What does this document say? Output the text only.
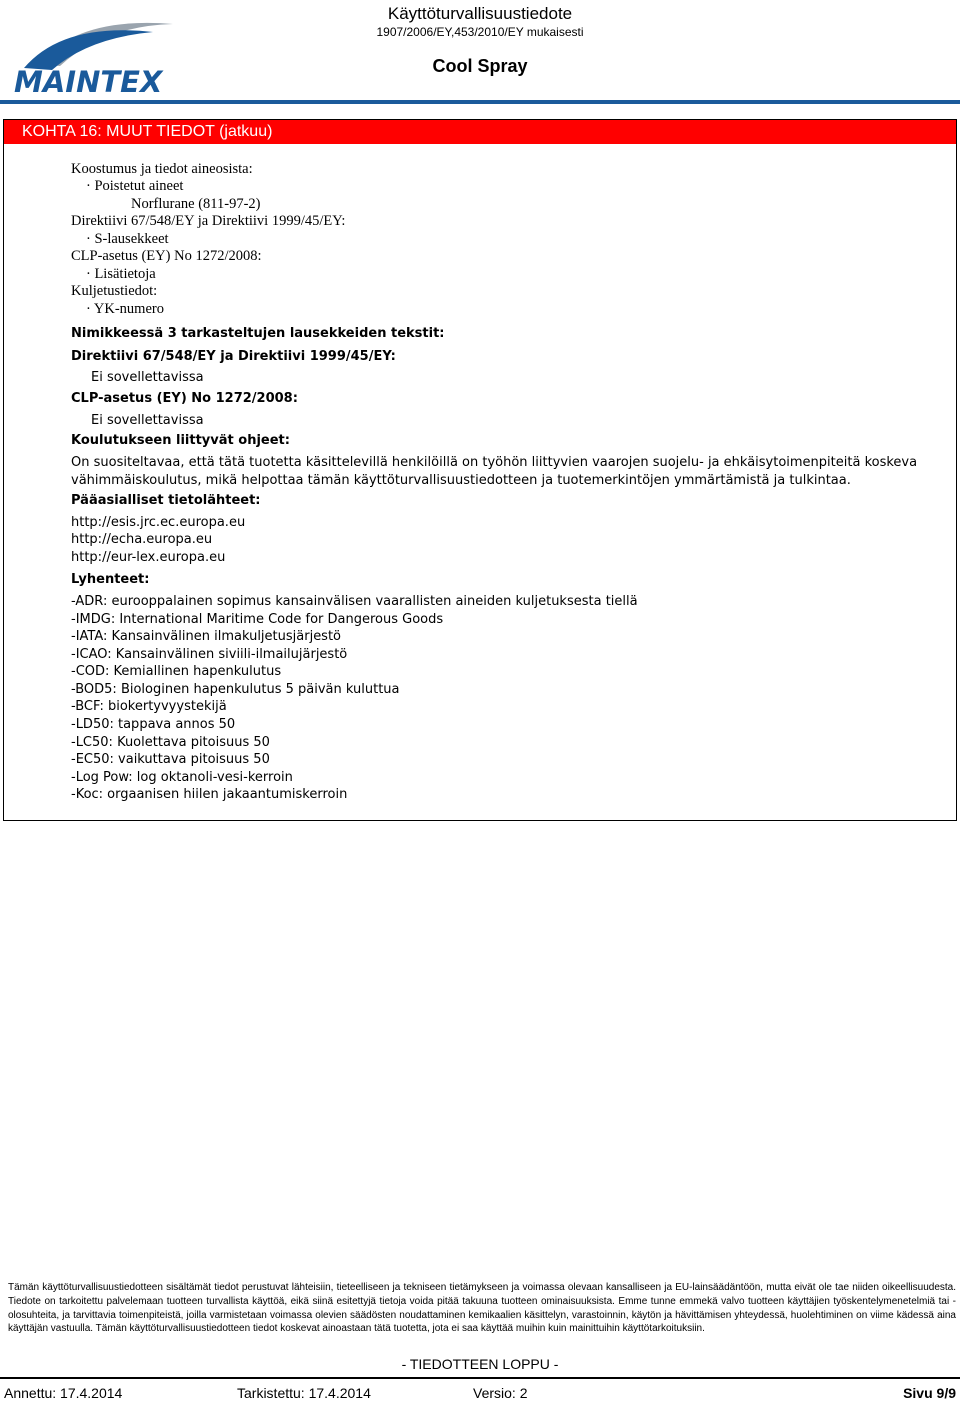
MAINTEX
Käyttöturvallisuustiedote
1907/2006/EY,453/2010/EY mukaisesti
Cool Spray
KOHTA 16: MUUT TIEDOT (jatkuu)
Koostumus ja tiedot aineosista:
· Poistetut aineet
Norflurane (811-97-2)
Direktiivi 67/548/EY ja Direktiivi 1999/45/EY:
· S-lausekkeet
CLP-asetus (EY) No 1272/2008:
· Lisätietoja
Kuljetustiedot:
· YK-numero
Nimikkeessä 3 tarkasteltujen lausekkeiden tekstit:
Direktiivi 67/548/EY ja Direktiivi 1999/45/EY:
Ei sovellettavissa
CLP-asetus (EY) No 1272/2008:
Ei sovellettavissa
Koulutukseen liittyvät ohjeet:
On suositeltavaa, että tätä tuotetta käsittelevillä henkilöillä on työhön liittyvien vaarojen suojelu- ja ehkäisytoimenpiteitä koskeva
vähimmäiskoulutus, mikä helpottaa tämän käyttöturvallisuustiedotteen ja tuotemerkintöjen ymmärtämistä ja tulkintaa.
Pääasialliset tietolähteet:
http://esis.jrc.ec.europa.eu
http://echa.europa.eu
http://eur-lex.europa.eu
Lyhenteet:
-ADR: eurooppalainen sopimus kansainvälisen vaarallisten aineiden kuljetuksesta tiellä
-IMDG: International Maritime Code for Dangerous Goods
-IATA: Kansainvälinen ilmakuljetusjärjestö
-ICAO: Kansainvälinen siviili-ilmailujärjestö
-COD: Kemiallinen hapenkulutus
-BOD5: Biologinen hapenkulutus 5 päivän kuluttua
-BCF: biokertyvyystekijä
-LD50: tappava annos 50
-LC50: Kuolettava pitoisuus 50
-EC50: vaikuttava pitoisuus 50
-Log Pow: log oktanoli-vesi-kerroin
-Koc: orgaanisen hiilen jakaantumiskerroin
Tämän käyttöturvallisuustiedotteen sisältämät tiedot perustuvat lähteisiin, tieteelliseen ja tekniseen tietämykseen ja voimassa olevaan kansalliseen ja EU-lainsäädäntöön, mutta eivät ole tae niiden oikeellisuudesta. Tiedote on tarkoitettu palvelemaan tuotteen turvallista käyttöä, eikä siinä esitettyjä tietoja voida pitää takuuna tuotteen ominaisuuksista. Emme tunne emmekä valvo tuotteen käyttäjien työskentelymenetelmiä tai -olosuhteita, ja tarvittavia toimenpiteistä, joilla varmistetaan voimassa olevien säädösten noudattaminen kemikaalien käsittelyn, varastoinnin, käytön ja hävittämisen yhteydessä, huolehtiminen on viime kädessä aina käyttäjän vastuulla. Tämän käyttöturvallisuustiedotteen tiedot koskevat ainoastaan tätä tuotetta, jota ei saa käyttää muihin kuin mainittuihin käyttötarkoituksiin.
- TIEDOTTEEN LOPPU -
Annettu: 17.4.2014	Tarkistettu: 17.4.2014	Versio: 2	Sivu 9/9
